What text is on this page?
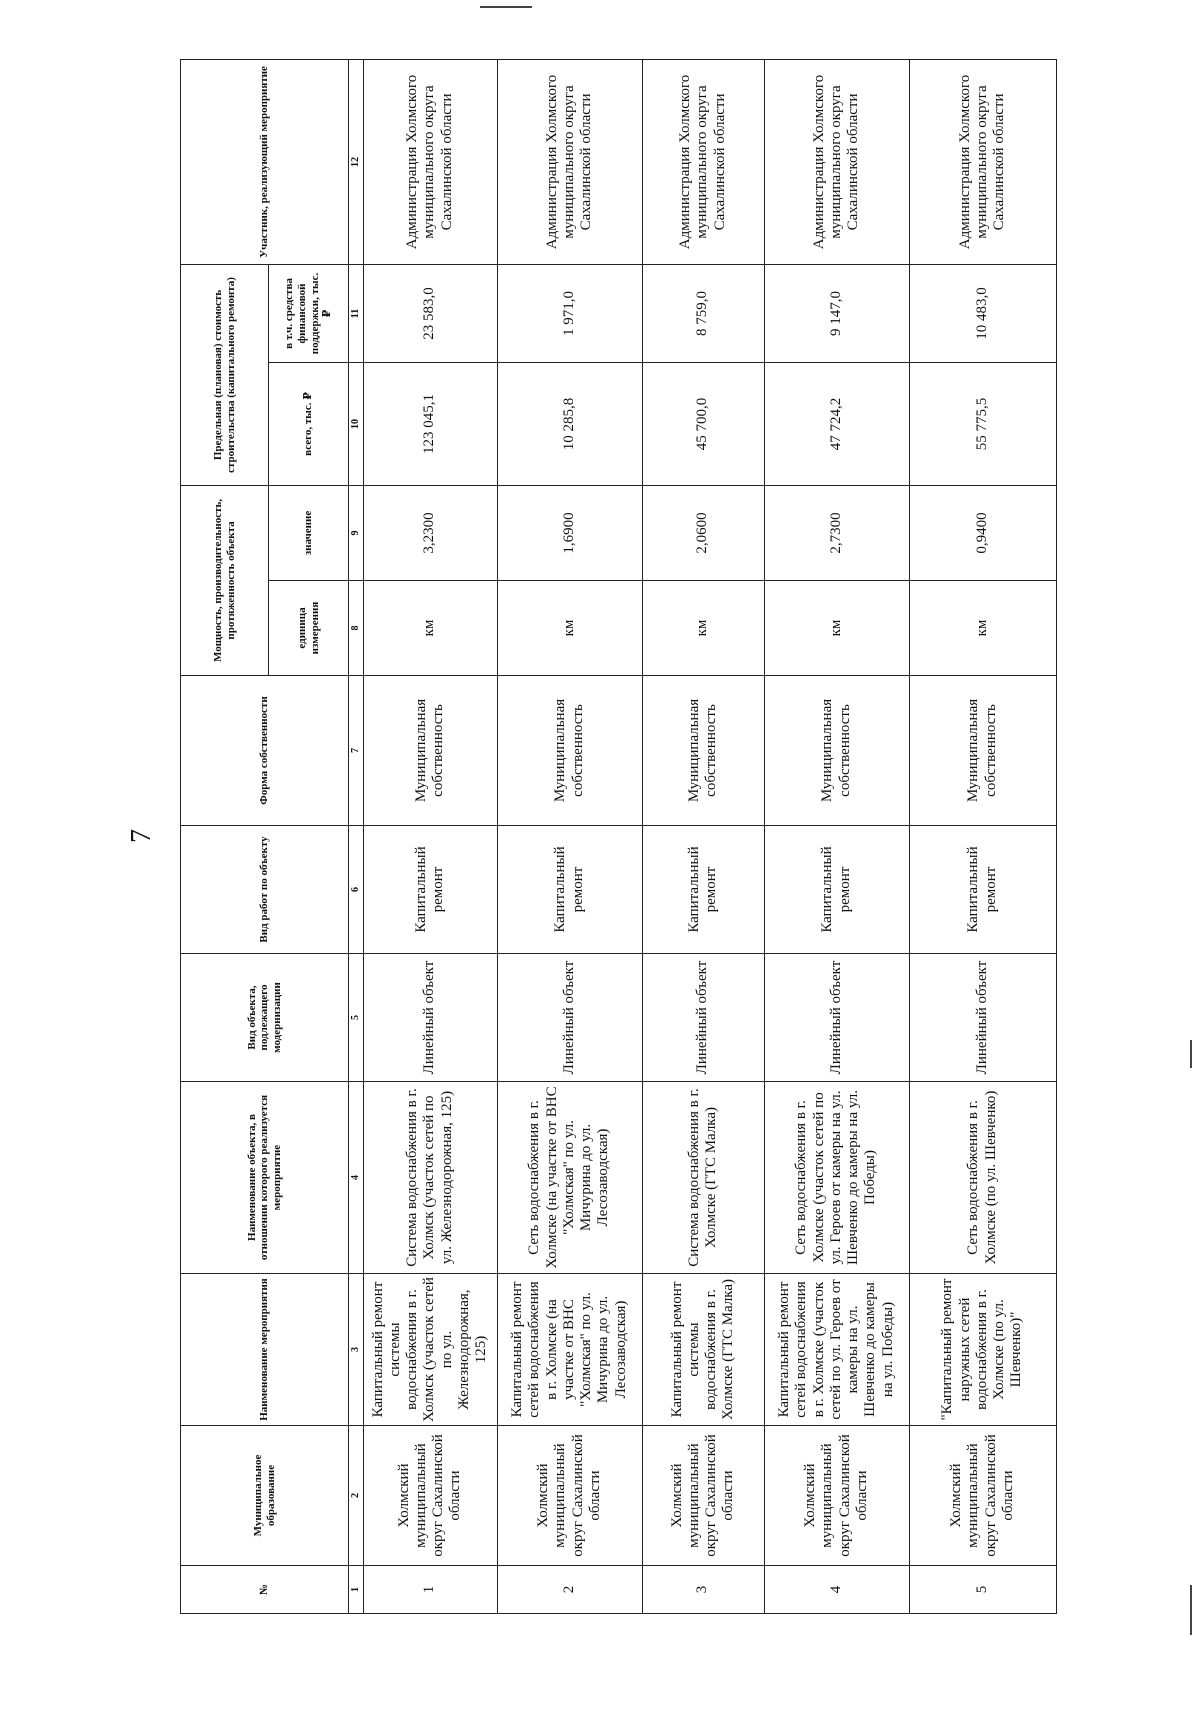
7
№	Муниципальное образование	Наименование мероприятия	Наименование объекта, в отношении которого реализуется мероприятие	Вид объекта, подлежащего модернизации	Вид работ по объекту	Форма собственности	Мощность, производительность, протяженность объекта		Предельная (плановая) стоимость строительства (капитального ремонта)		Участник, реализующий мероприятие
							единица измерения	значение	всего, тыс. ₽	в т.ч. средства финансовой поддержки, тыс. ₽	
1	2	3	4	5	6	7	8	9	10	11	12
1	Холмский муниципальный округ Сахалинской области	Капитальный ремонт системы водоснабжения в г. Холмск (участок сетей по ул. Железнодорожная, 125)	Система водоснабжения в г. Холмск (участок сетей по ул. Железнодорожная, 125)	Линейный объект	Капитальный ремонт	Муниципальная собственность	км	3,2300	123 045,1	23 583,0	Администрация Холмского муниципального округа Сахалинской области
2	Холмский муниципальный округ Сахалинской области	Капитальный ремонт сетей водоснабжения в г. Холмске (на участке от ВНС "Холмская" по ул. Мичурина до ул. Лесозаводская)	Сеть водоснабжения в г. Холмске (на участке от ВНС "Холмская" по ул. Мичурина до ул. Лесозаводская)	Линейный объект	Капитальный ремонт	Муниципальная собственность	км	1,6900	10 285,8	1 971,0	Администрация Холмского муниципального округа Сахалинской области
3	Холмский муниципальный округ Сахалинской области	Капитальный ремонт системы водоснабжения в г. Холмске (ГТС Малка)	Система водоснабжения в г. Холмске (ГТС Малка)	Линейный объект	Капитальный ремонт	Муниципальная собственность	км	2,0600	45 700,0	8 759,0	Администрация Холмского муниципального округа Сахалинской области
4	Холмский муниципальный округ Сахалинской области	Капитальный ремонт сетей водоснабжения в г. Холмске (участок сетей по ул. Героев от камеры на ул. Шевченко до камеры на ул. Победы)	Сеть водоснабжения в г. Холмске (участок сетей по ул. Героев от камеры на ул. Шевченко до камеры на ул. Победы)	Линейный объект	Капитальный ремонт	Муниципальная собственность	км	2,7300	47 724,2	9 147,0	Администрация Холмского муниципального округа Сахалинской области
5	Холмский муниципальный округ Сахалинской области	"Капитальный ремонт наружных сетей водоснабжения в г. Холмске (по ул. Шевченко)"	Сеть водоснабжения в г. Холмске (по ул. Шевченко)	Линейный объект	Капитальный ремонт	Муниципальная собственность	км	0,9400	55 775,5	10 483,0	Администрация Холмского муниципального округа Сахалинской области
